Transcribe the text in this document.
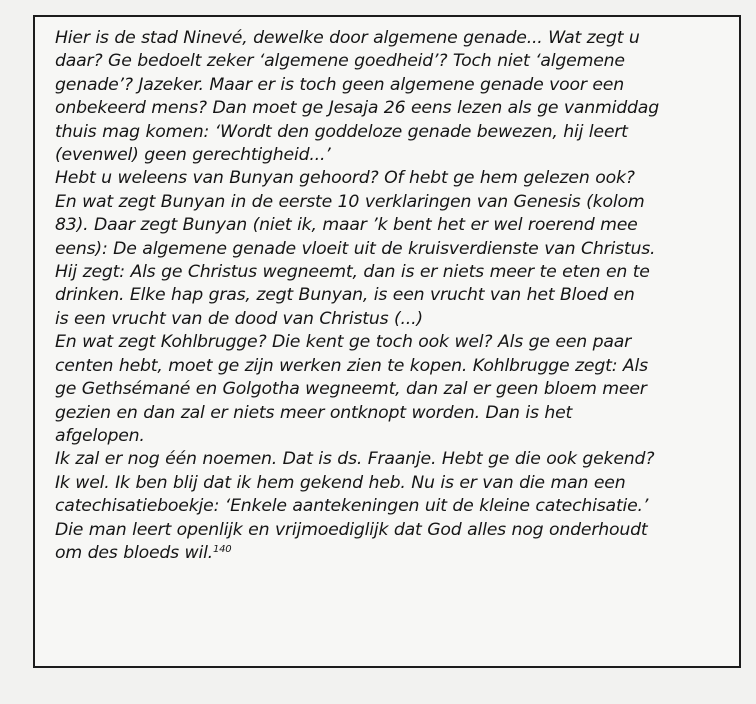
Hier is de stad Ninevé, dewelke door algemene genade... Wat zegt u
daar? Ge bedoelt zeker ‘algemene goedheid’? Toch niet ‘algemene
genade’? Jazeker. Maar er is toch geen algemene genade voor een
onbekeerd mens? Dan moet ge Jesaja 26 eens lezen als ge vanmiddag
thuis mag komen: ‘Wordt den goddeloze genade bewezen, hij leert
(evenwel) geen gerechtigheid...’

Hebt u weleens van Bunyan gehoord? Of hebt ge hem gelezen ook?
En wat zegt Bunyan in de eerste 10 verklaringen van Genesis (kolom
83). Daar zegt Bunyan (niet ik, maar ’k bent het er wel roerend mee
eens): De algemene genade vloeit uit de kruisverdienste van Christus.
Hij zegt: Als ge Christus wegneemt, dan is er niets meer te eten en te
drinken. Elke hap gras, zegt Bunyan, is een vrucht van het Bloed en
is een vrucht van de dood van Christus (...)

En wat zegt Kohlbrugge? Die kent ge toch ook wel? Als ge een paar
centen hebt, moet ge zijn werken zien te kopen. Kohlbrugge zegt: Als
ge Gethsémané en Golgotha wegneemt, dan zal er geen bloem meer
gezien en dan zal er niets meer ontknopt worden. Dan is het
afgelopen.

Ik zal er nog één noemen. Dat is ds. Fraanje. Hebt ge die ook gekend?
Ik wel. Ik ben blij dat ik hem gekend heb. Nu is er van die man een
catechisatieboekje: ‘Enkele aantekeningen uit de kleine catechisatie.’
Die man leert openlijk en vrijmoediglijk dat God alles nog onderhoudt
om des bloeds wil.$^{140}$
